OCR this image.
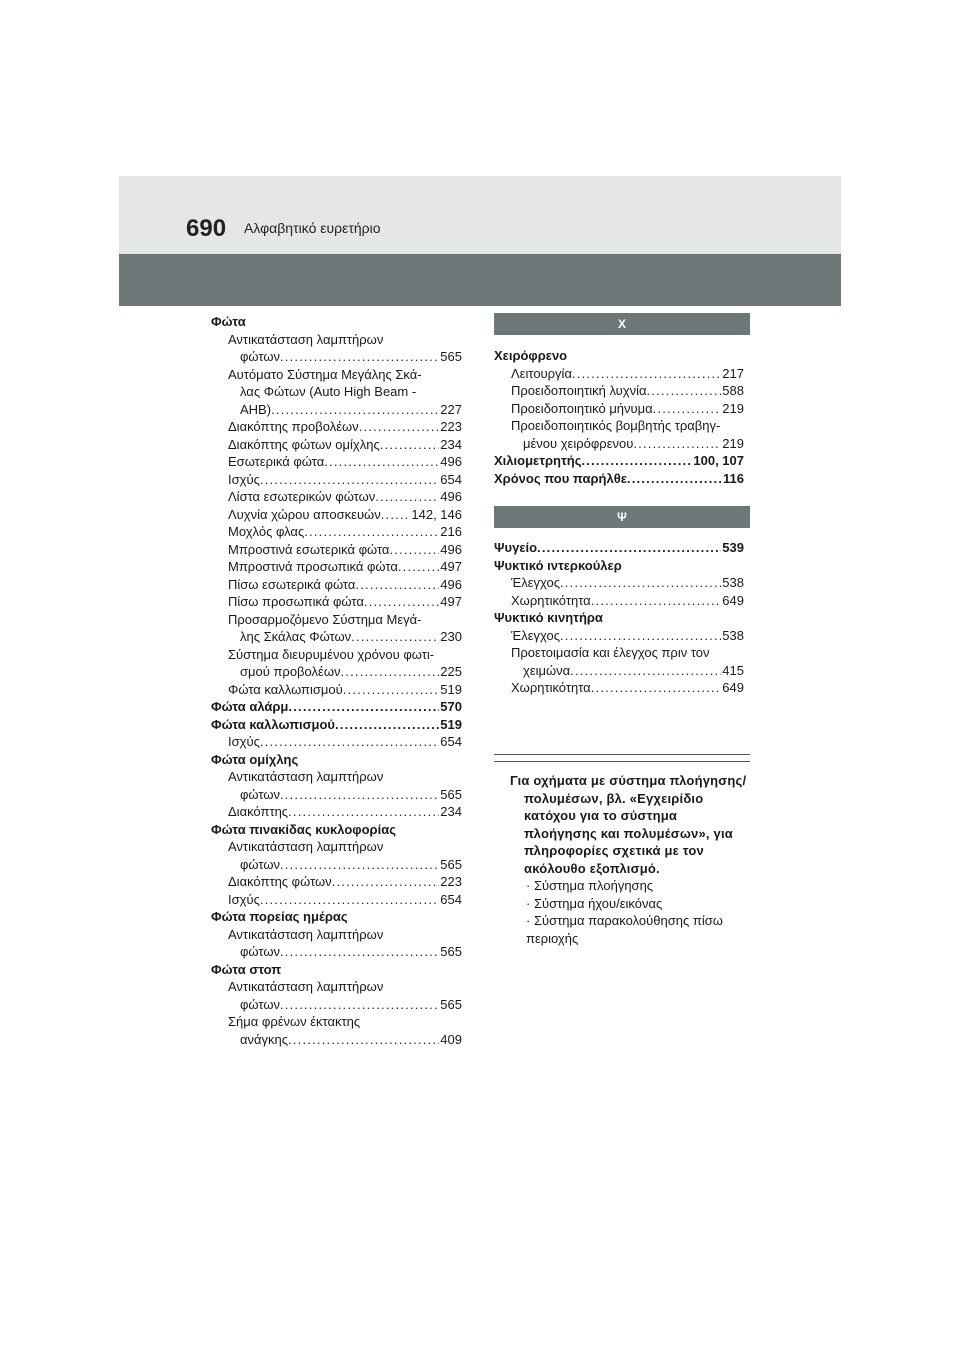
690 Αλφαβητικό ευρετήριο
Φώτα
Αντικατάσταση λαμπτήρων
φώτων .....	565
Αυτόματο Σύστημα Μεγάλης Σκά-
λας Φώτων (Auto High Beam -
AHB) .....	227
Διακόπτης προβολέων .....	223
Διακόπτης φώτων ομίχλης .....	234
Εσωτερικά φώτα .....	496
Ισχύς .....	654
Λίστα εσωτερικών φώτων .....	496
Λυχνία χώρου αποσκευών ..... 142, 146
Μοχλός φλας .....	216
Μπροστινά εσωτερικά φώτα .....	496
Μπροστινά προσωπικά φώτα .....	497
Πίσω εσωτερικά φώτα .....	496
Πίσω προσωπικά φώτα .....	497
Προσαρμοζόμενο Σύστημα Μεγά-
λης Σκάλας Φώτων .....	230
Σύστημα διευρυμένου χρόνου φωτι-
σμού προβολέων .....	225
Φώτα καλλωπισμού .....	519
Φώτα αλάρμ .....	570
Φώτα καλλωπισμού .....	519
Ισχύς .....	654
Φώτα ομίχλης
Αντικατάσταση λαμπτήρων
φώτων .....	565
Διακόπτης .....	234
Φώτα πινακίδας κυκλοφορίας
Αντικατάσταση λαμπτήρων
φώτων .....	565
Διακόπτης φώτων .....	223
Ισχύς .....	654
Φώτα πορείας ημέρας
Αντικατάσταση λαμπτήρων
φώτων .....	565
Φώτα στοπ
Αντικατάσταση λαμπτήρων
φώτων .....	565
Σήμα φρένων έκτακτης
ανάγκης .....	409
Χ
Χειρόφρενο
Λειτουργία .....	217
Προειδοποιητική λυχνία .....	588
Προειδοποιητικό μήνυμα .....	219
Προειδοποιητικός βομβητής τραβηγ-
μένου χειρόφρενου .....	219
Χιλιομετρητής .....	100, 107
Χρόνος που παρήλθε .....	116
Ψ
Ψυγείο .....	539
Ψυκτικό ιντερκούλερ
Έλεγχος .....	538
Χωρητικότητα .....	649
Ψυκτικό κινητήρα
Έλεγχος .....	538
Προετοιμασία και έλεγχος πριν τον
χειμώνα .....	415
Χωρητικότητα .....	649
Για οχήματα με σύστημα πλοήγησης/πολυμέσων, βλ. «Εγχειρίδιο κατόχου για το σύστημα πλοήγησης και πολυμέσων», για πληροφορίες σχετικά με τον ακόλουθο εξοπλισμό.
· Σύστημα πλοήγησης
· Σύστημα ήχου/εικόνας
· Σύστημα παρακολούθησης πίσω
περιοχής
